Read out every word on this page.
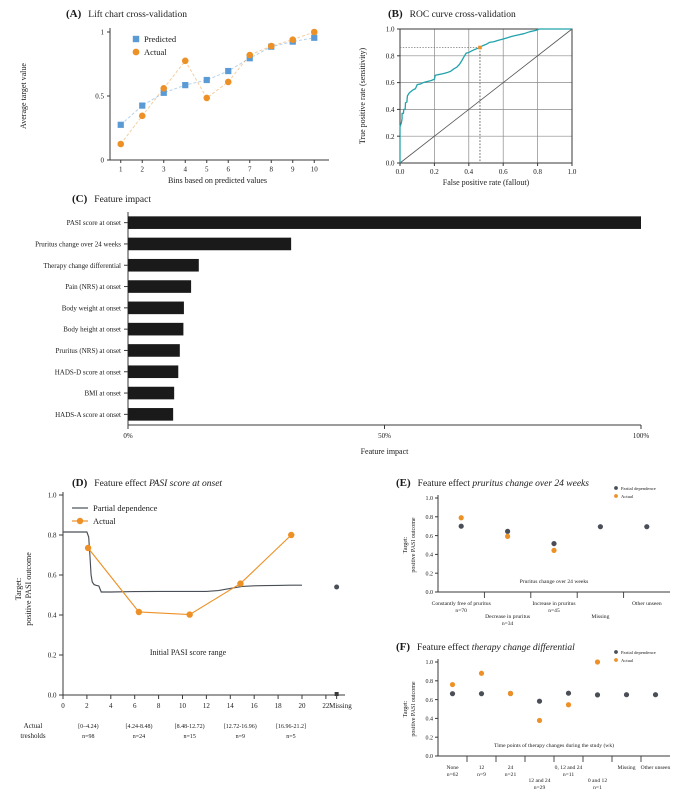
(A) Lift chart cross-validation
0
0.5
1
1	2	3	4	5	6	7	8	9 10
Bins based on predicted values
Average target value
Predicted
Actual
(B) ROC curve cross-validation
0.0	0.2	0.4	0.6	0.8	1.0
0.0
0.2
0.4
0.6
0.8
1.0
False positive rate (fallout)
True positive rate (sensitivity)
(C) Feature impact
PASI score at onset
Pruritus change over 24 weeks
Therapy change differential
Pain (NRS) at onset
Body weight at onset
Body height at onset
Pruritus (NRS) at onset
HADS-D score at onset
BMI at onset
HADS-A score at onset
0%	50%	100%
Feature impact
(D) Feature effect PASI score at onset
0.0
0.2
0.4
0.6
0.8
1.0
0	2	4	6	8	10 12 14 16 18 20 22 Missing
Initial PASI score range
Target: positive PASI outcome
Partial dependence
Actual
Actual
tresholds
[0–4.24)
n=98
[4.24-8.48)
n=24
[8.48-12.72)
n=15
[12.72-16.96)
n=9
[16.96-21.2]
n=5
(E) Feature effect pruritus change over 24 weeks
0.0
0.2
0.4
0.6
0.8
1.0
Pruritus change over 24 weeks
Target: positive PASI outcome
Partial dependence
Actual
Constantly free of pruritus
n=70
Decrease in pruritus
n=34
Increase in pruritus
n=45
Missing
Other unseen
(F) Feature effect therapy change differential
0.0
0.2
0.4
0.6
0.8
1.0
Time points of therapy changes during the study (wk)
Target: positive PASI outcome
Partial dependence
Actual
None
n=62
12
n=9
24
n=21
12 and 24
n=29
0, 12 and 24
n=11
0 and 12
n=1
Missing Other unseen
